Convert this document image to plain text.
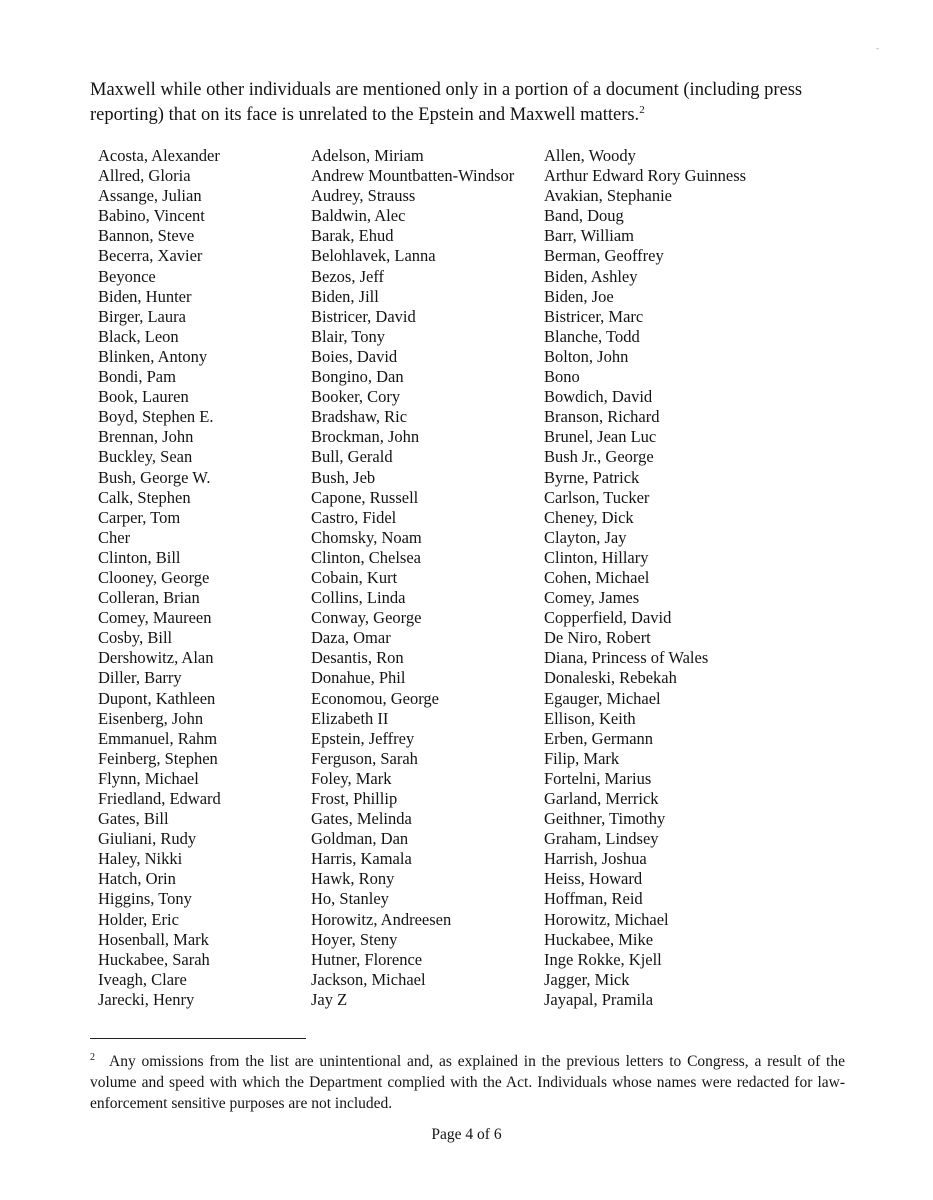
-

Maxwell while other individuals are mentioned only in a portion of a document (including press reporting) that on its face is unrelated to the Epstein and Maxwell matters.$^2$

Acosta, Alexander
Allred, Gloria
Assange, Julian
Babino, Vincent
Bannon, Steve
Becerra, Xavier
Beyonce
Biden, Hunter
Birger, Laura
Black, Leon
Blinken, Antony
Bondi, Pam
Book, Lauren
Boyd, Stephen E.
Brennan, John
Buckley, Sean
Bush, George W.
Calk, Stephen
Carper, Tom
Cher
Clinton, Bill
Clooney, George
Colleran, Brian
Comey, Maureen
Cosby, Bill
Dershowitz, Alan
Diller, Barry
Dupont, Kathleen
Eisenberg, John
Emmanuel, Rahm
Feinberg, Stephen
Flynn, Michael
Friedland, Edward
Gates, Bill
Giuliani, Rudy
Haley, Nikki
Hatch, Orin
Higgins, Tony
Holder, Eric
Hosenball, Mark
Huckabee, Sarah
Iveagh, Clare
Jarecki, Henry
Adelson, Miriam
Andrew Mountbatten-Windsor
Audrey, Strauss
Baldwin, Alec
Barak, Ehud
Belohlavek, Lanna
Bezos, Jeff
Biden, Jill
Bistricer, David
Blair, Tony
Boies, David
Bongino, Dan
Booker, Cory
Bradshaw, Ric
Brockman, John
Bull, Gerald
Bush, Jeb
Capone, Russell
Castro, Fidel
Chomsky, Noam
Clinton, Chelsea
Cobain, Kurt
Collins, Linda
Conway, George
Daza, Omar
Desantis, Ron
Donahue, Phil
Economou, George
Elizabeth II
Epstein, Jeffrey
Ferguson, Sarah
Foley, Mark
Frost, Phillip
Gates, Melinda
Goldman, Dan
Harris, Kamala
Hawk, Rony
Ho, Stanley
Horowitz, Andreesen
Hoyer, Steny
Hutner, Florence
Jackson, Michael
Jay Z
Allen, Woody
Arthur Edward Rory Guinness
Avakian, Stephanie
Band, Doug
Barr, William
Berman, Geoffrey
Biden, Ashley
Biden, Joe
Bistricer, Marc
Blanche, Todd
Bolton, John
Bono
Bowdich, David
Branson, Richard
Brunel, Jean Luc
Bush Jr., George
Byrne, Patrick
Carlson, Tucker
Cheney, Dick
Clayton, Jay
Clinton, Hillary
Cohen, Michael
Comey, James
Copperfield, David
De Niro, Robert
Diana, Princess of Wales
Donaleski, Rebekah
Egauger, Michael
Ellison, Keith
Erben, Germann
Filip, Mark
Fortelni, Marius
Garland, Merrick
Geithner, Timothy
Graham, Lindsey
Harrish, Joshua
Heiss, Howard
Hoffman, Reid
Horowitz, Michael
Huckabee, Mike
Inge Rokke, Kjell
Jagger, Mick
Jayapal, Pramila

$^2$ Any omissions from the list are unintentional and, as explained in the previous letters to Congress, a result of the volume and speed with which the Department complied with the Act. Individuals whose names were redacted for law-enforcement sensitive purposes are not included.

Page 4 of 6
